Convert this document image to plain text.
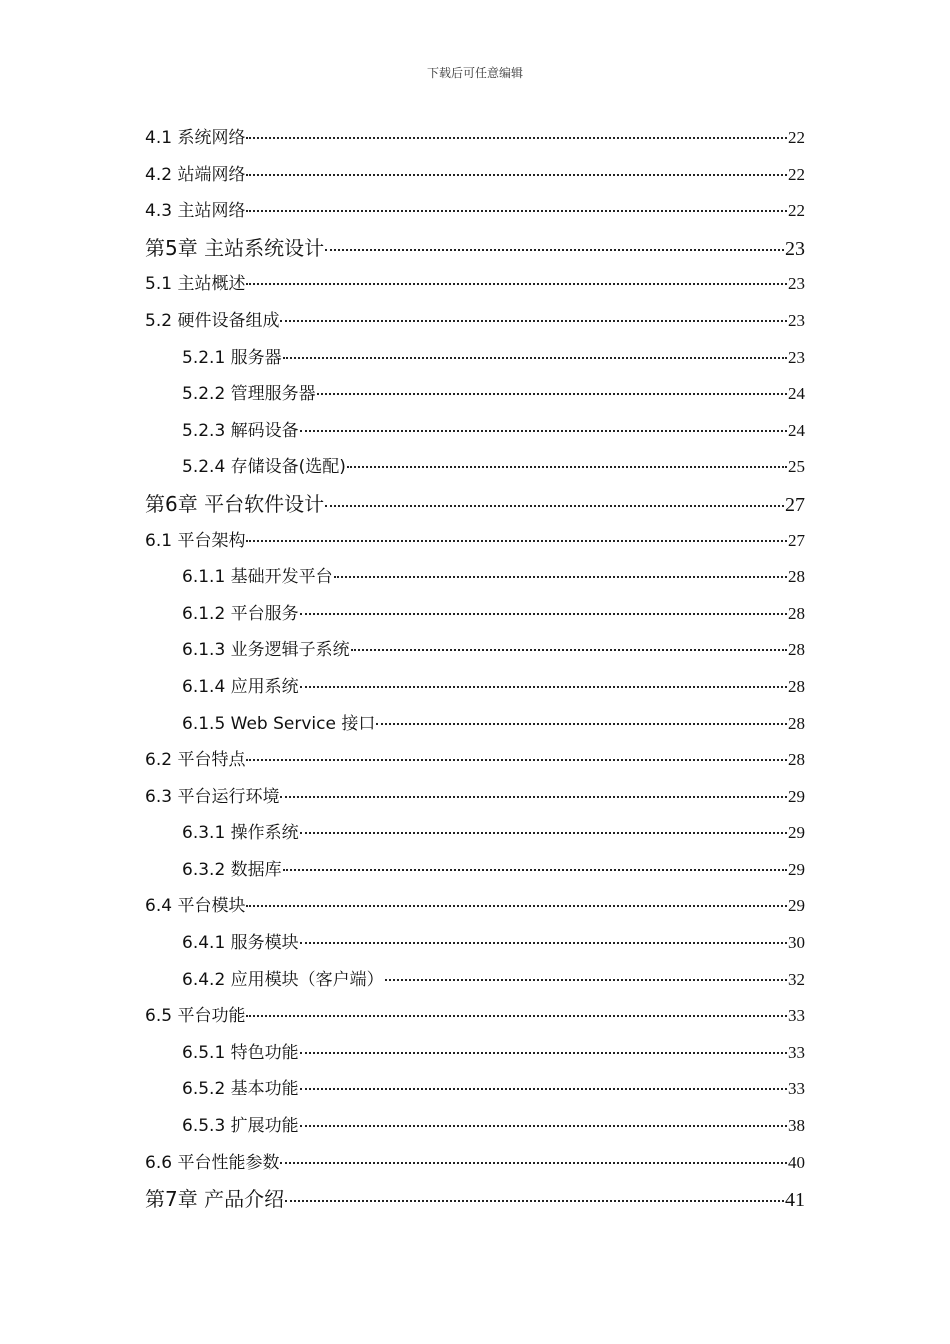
下载后可任意编辑
4.1 系统网络	22
4.2 站端网络	22
4.3 主站网络	22
第5章 主站系统设计	23
5.1 主站概述	23
5.2 硬件设备组成	23
5.2.1 服务器	23
5.2.2 管理服务器	24
5.2.3 解码设备	24
5.2.4 存储设备(选配)	25
第6章 平台软件设计	27
6.1 平台架构	27
6.1.1 基础开发平台	28
6.1.2 平台服务	28
6.1.3 业务逻辑子系统	28
6.1.4 应用系统	28
6.1.5 Web Service 接口	28
6.2 平台特点	28
6.3 平台运行环境	29
6.3.1 操作系统	29
6.3.2 数据库	29
6.4 平台模块	29
6.4.1 服务模块	30
6.4.2 应用模块（客户端）	32
6.5 平台功能	33
6.5.1 特色功能	33
6.5.2 基本功能	33
6.5.3 扩展功能	38
6.6 平台性能参数	40
第7章 产品介绍	41
